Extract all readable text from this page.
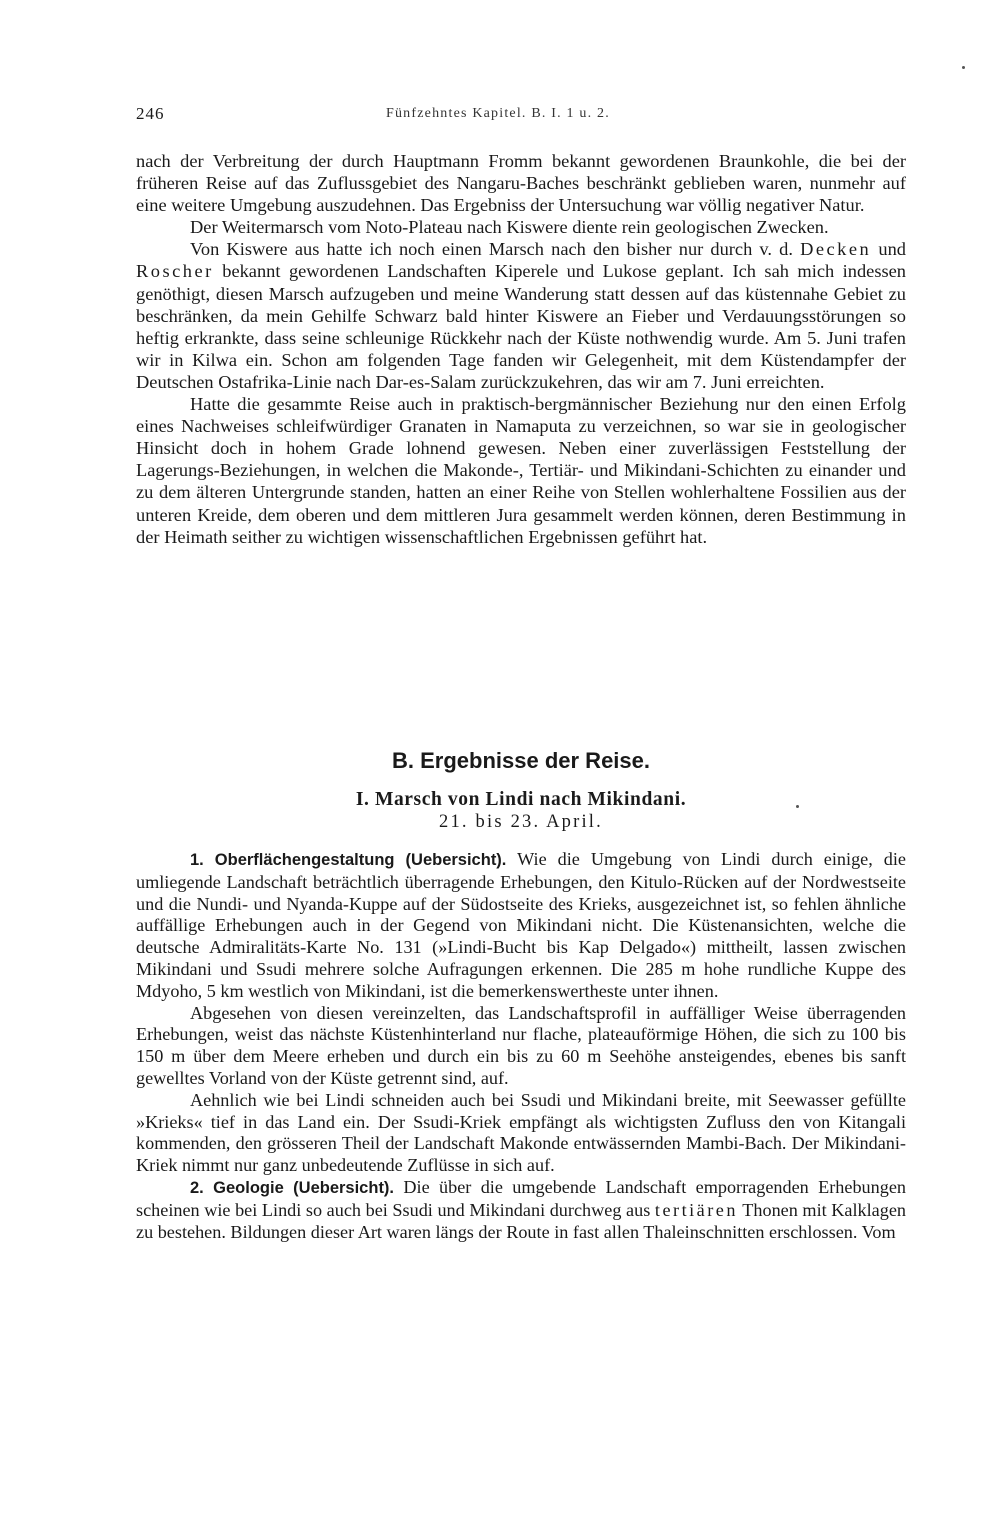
246	Fünfzehntes Kapitel. B. I. 1 u. 2.

nach der Verbreitung der durch Hauptmann Fromm bekannt gewordenen Braunkohle, die bei der früheren Reise auf das Zuflussgebiet des Nangaru-Baches beschränkt geblieben waren, nunmehr auf eine weitere Umgebung auszudehnen. Das Ergebniss der Untersuchung war völlig negativer Natur.

Der Weitermarsch vom Noto-Plateau nach Kiswere diente rein geologischen Zwecken.

Von Kiswere aus hatte ich noch einen Marsch nach den bisher nur durch v. d. Decken und Roscher bekannt gewordenen Landschaften Kiperele und Lukose geplant. Ich sah mich indessen genöthigt, diesen Marsch aufzugeben und meine Wanderung statt dessen auf das küstennahe Gebiet zu beschränken, da mein Gehilfe Schwarz bald hinter Kiswere an Fieber und Verdauungsstörungen so heftig erkrankte, dass seine schleunige Rückkehr nach der Küste nothwendig wurde. Am 5. Juni trafen wir in Kilwa ein. Schon am folgenden Tage fanden wir Gelegenheit, mit dem Küstendampfer der Deutschen Ostafrika-Linie nach Dar-es-Salam zurückzukehren, das wir am 7. Juni erreichten.

Hatte die gesammte Reise auch in praktisch-bergmännischer Beziehung nur den einen Erfolg eines Nachweises schleifwürdiger Granaten in Namaputa zu verzeichnen, so war sie in geologischer Hinsicht doch in hohem Grade lohnend gewesen. Neben einer zuverlässigen Feststellung der Lagerungs-Beziehungen, in welchen die Makonde-, Tertiär- und Mikindani-Schichten zu einander und zu dem älteren Untergrunde standen, hatten an einer Reihe von Stellen wohlerhaltene Fossilien aus der unteren Kreide, dem oberen und dem mittleren Jura gesammelt werden können, deren Bestimmung in der Heimath seither zu wichtigen wissenschaftlichen Ergebnissen geführt hat.

B. Ergebnisse der Reise.
I. Marsch von Lindi nach Mikindani.
21. bis 23. April.

1. Oberflächengestaltung (Uebersicht). Wie die Umgebung von Lindi durch einige, die umliegende Landschaft beträchtlich überragende Erhebungen, den Kitulo-Rücken auf der Nordwestseite und die Nundi- und Nyanda-Kuppe auf der Südostseite des Krieks, ausgezeichnet ist, so fehlen ähnliche auffällige Erhebungen auch in der Gegend von Mikindani nicht. Die Küstenansichten, welche die deutsche Admiralitäts-Karte No. 131 (»Lindi-Bucht bis Kap Delgado«) mittheilt, lassen zwischen Mikindani und Ssudi mehrere solche Aufragungen erkennen. Die 285 m hohe rundliche Kuppe des Mdyoho, 5 km westlich von Mikindani, ist die bemerkenswertheste unter ihnen.

Abgesehen von diesen vereinzelten, das Landschaftsprofil in auffälliger Weise überragenden Erhebungen, weist das nächste Küstenhinterland nur flache, plateauförmige Höhen, die sich zu 100 bis 150 m über dem Meere erheben und durch ein bis zu 60 m Seehöhe ansteigendes, ebenes bis sanft gewelltes Vorland von der Küste getrennt sind, auf.

Aehnlich wie bei Lindi schneiden auch bei Ssudi und Mikindani breite, mit Seewasser gefüllte »Krieks« tief in das Land ein. Der Ssudi-Kriek empfängt als wichtigsten Zufluss den von Kitangali kommenden, den grösseren Theil der Landschaft Makonde entwässernden Mambi-Bach. Der Mikindani-Kriek nimmt nur ganz unbedeutende Zuflüsse in sich auf.

2. Geologie (Uebersicht). Die über die umgebende Landschaft emporragenden Erhebungen scheinen wie bei Lindi so auch bei Ssudi und Mikindani durchweg aus tertiären Thonen mit Kalklagen zu bestehen. Bildungen dieser Art waren längs der Route in fast allen Thaleinschnitten erschlossen. Vom
